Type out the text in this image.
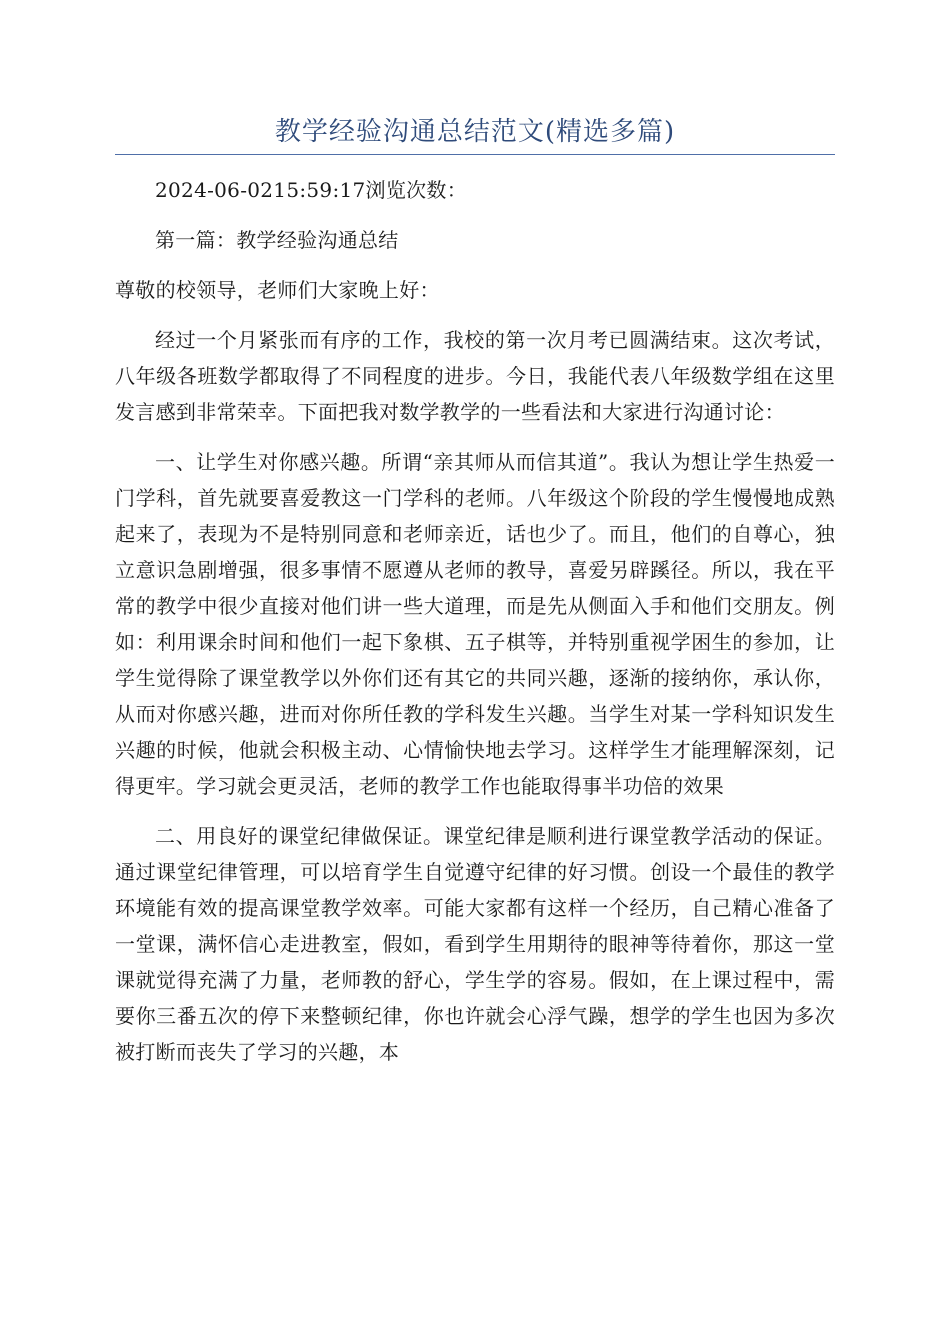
教学经验沟通总结范文(精选多篇)

2024-06-0215:59:17浏览次数：

第一篇：教学经验沟通总结

尊敬的校领导，老师们大家晚上好：

经过一个月紧张而有序的工作，我校的第一次月考已圆满结束。这次考试，八年级各班数学都取得了不同程度的进步。今日，我能代表八年级数学组在这里发言感到非常荣幸。下面把我对数学教学的一些看法和大家进行沟通讨论：

一、让学生对你感兴趣。所谓“亲其师从而信其道”。我认为想让学生热爱一门学科，首先就要喜爱教这一门学科的老师。八年级这个阶段的学生慢慢地成熟起来了，表现为不是特别同意和老师亲近，话也少了。而且，他们的自尊心，独立意识急剧增强，很多事情不愿遵从老师的教导，喜爱另辟蹊径。所以，我在平常的教学中很少直接对他们讲一些大道理，而是先从侧面入手和他们交朋友。例如：利用课余时间和他们一起下象棋、五子棋等，并特别重视学困生的参加，让学生觉得除了课堂教学以外你们还有其它的共同兴趣，逐渐的接纳你，承认你，从而对你感兴趣，进而对你所任教的学科发生兴趣。当学生对某一学科知识发生兴趣的时候，他就会积极主动、心情愉快地去学习。这样学生才能理解深刻，记得更牢。学习就会更灵活，老师的教学工作也能取得事半功倍的效果

二、用良好的课堂纪律做保证。课堂纪律是顺利进行课堂教学活动的保证。通过课堂纪律管理，可以培育学生自觉遵守纪律的好习惯。创设一个最佳的教学环境能有效的提高课堂教学效率。可能大家都有这样一个经历，自己精心准备了一堂课，满怀信心走进教室，假如，看到学生用期待的眼神等待着你，那这一堂课就觉得充满了力量，老师教的舒心，学生学的容易。假如，在上课过程中，需要你三番五次的停下来整顿纪律，你也许就会心浮气躁，想学的学生也因为多次被打断而丧失了学习的兴趣，本
